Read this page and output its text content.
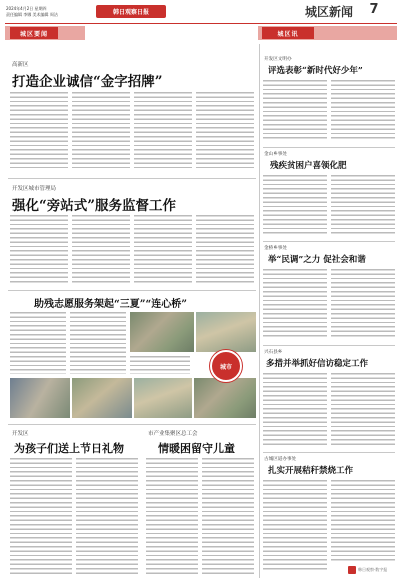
2024年4月2日 星期四
责任编辑 李娜 美术编辑 周洁	韩日观察日报	城区新闻 7
城区要闻	城区讯
高新区
打造企业诚信“金字招牌”
开发区城市管理局
强化“旁站式”服务监督工作
助残志愿服务架起“三夏”“连心桥”
城市
开发区
为孩子们送上节日礼物
市产业集聚区总工会
情暖困留守儿童
开发区文明办
评选表彰“新时代好少年”
金山乡事处
残疾贫困户喜领化肥
金桥乡事处
举“民调”之力 促社会和谐
兴石县乡
多措并举抓好信访稳定工作
古城区道办事处
扎实开展秸秆禁烧工作
韩日观察·数字报
